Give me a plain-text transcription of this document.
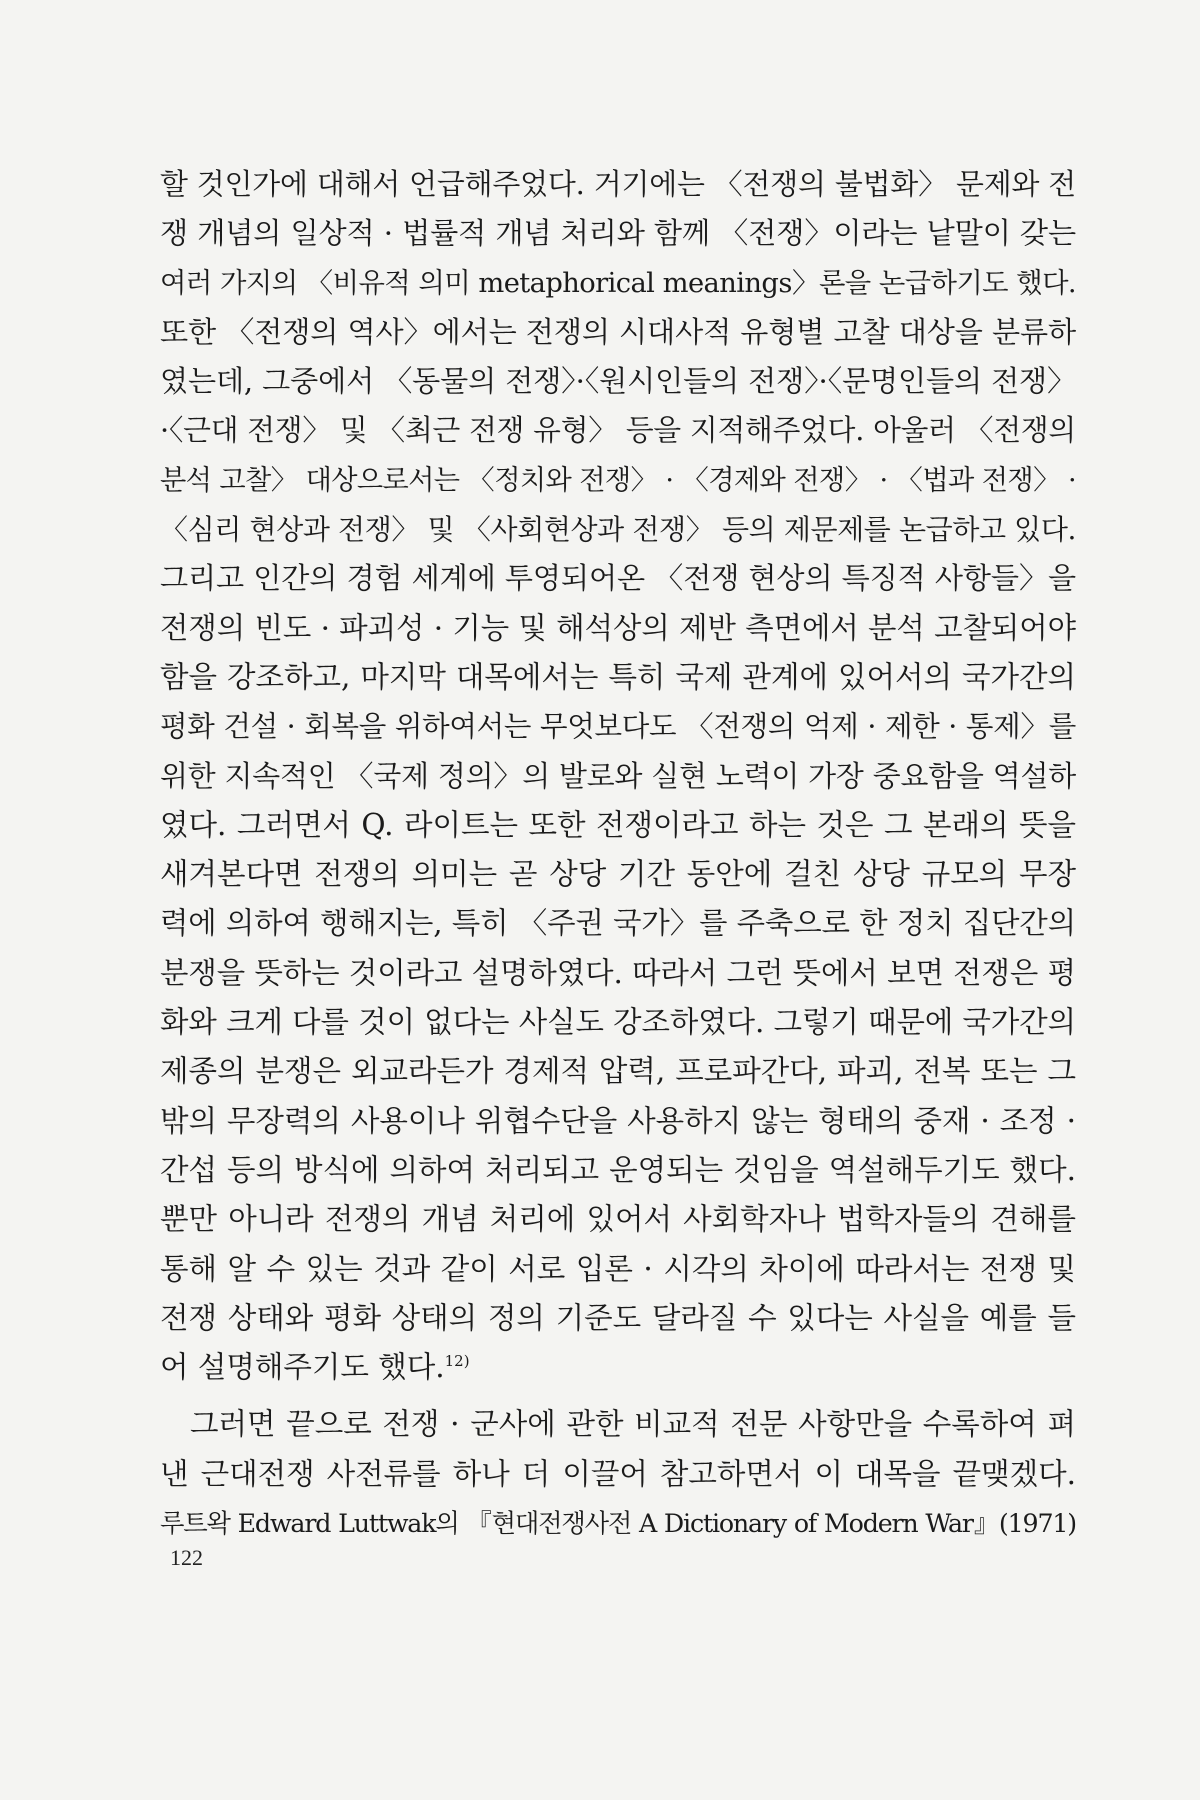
할 것인가에 대해서 언급해주었다. 거기에는 〈전쟁의 불법화〉 문제와 전
쟁 개념의 일상적 · 법률적 개념 처리와 함께 〈전쟁〉이라는 낱말이 갖는
여러 가지의 〈비유적 의미 metaphorical meanings〉론을 논급하기도 했다.
또한 〈전쟁의 역사〉에서는 전쟁의 시대사적 유형별 고찰 대상을 분류하
였는데, 그중에서 〈동물의 전쟁〉·〈원시인들의 전쟁〉·〈문명인들의 전쟁〉
·〈근대 전쟁〉 및 〈최근 전쟁 유형〉 등을 지적해주었다. 아울러 〈전쟁의
분석 고찰〉 대상으로서는 〈정치와 전쟁〉 · 〈경제와 전쟁〉 · 〈법과 전쟁〉 ·
〈심리 현상과 전쟁〉 및 〈사회현상과 전쟁〉 등의 제문제를 논급하고 있다.
그리고 인간의 경험 세계에 투영되어온 〈전쟁 현상의 특징적 사항들〉을
전쟁의 빈도 · 파괴성 · 기능 및 해석상의 제반 측면에서 분석 고찰되어야
함을 강조하고, 마지막 대목에서는 특히 국제 관계에 있어서의 국가간의
평화 건설 · 회복을 위하여서는 무엇보다도 〈전쟁의 억제 · 제한 · 통제〉를
위한 지속적인 〈국제 정의〉의 발로와 실현 노력이 가장 중요함을 역설하
였다. 그러면서 Q. 라이트는 또한 전쟁이라고 하는 것은 그 본래의 뜻을
새겨본다면 전쟁의 의미는 곧 상당 기간 동안에 걸친 상당 규모의 무장
력에 의하여 행해지는, 특히 〈주권 국가〉를 주축으로 한 정치 집단간의
분쟁을 뜻하는 것이라고 설명하였다. 따라서 그런 뜻에서 보면 전쟁은 평
화와 크게 다를 것이 없다는 사실도 강조하였다. 그렇기 때문에 국가간의
제종의 분쟁은 외교라든가 경제적 압력, 프로파간다, 파괴, 전복 또는 그
밖의 무장력의 사용이나 위협수단을 사용하지 않는 형태의 중재 · 조정 ·
간섭 등의 방식에 의하여 처리되고 운영되는 것임을 역설해두기도 했다.
뿐만 아니라 전쟁의 개념 처리에 있어서 사회학자나 법학자들의 견해를
통해 알 수 있는 것과 같이 서로 입론 · 시각의 차이에 따라서는 전쟁 및
전쟁 상태와 평화 상태의 정의 기준도 달라질 수 있다는 사실을 예를 들
어 설명해주기도 했다.$^{12)}$
그러면 끝으로 전쟁 · 군사에 관한 비교적 전문 사항만을 수록하여 펴
낸 근대전쟁 사전류를 하나 더 이끌어 참고하면서 이 대목을 끝맺겠다.
루트왁 Edward Luttwak의 『현대전쟁사전 A Dictionary of Modern War』(1971)
122
